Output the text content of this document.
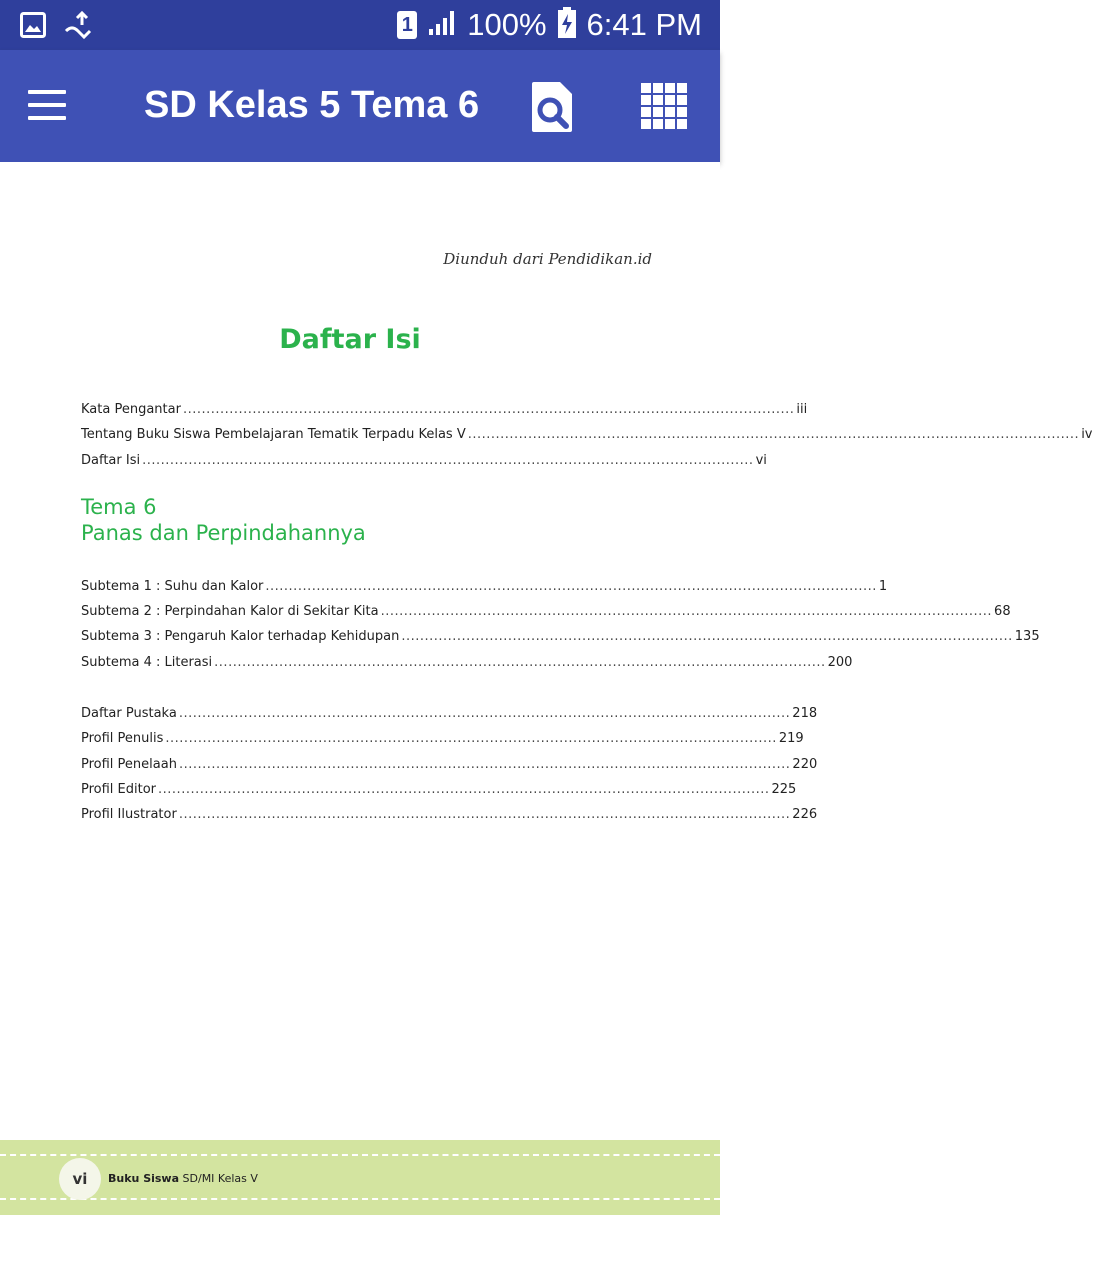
1 100% 6:41 PM
SD Kelas 5 Tema 6
Diunduh dari Pendidikan.id
Daftar Isi
Kata Pengantar .................................................................................................................................... iii
Tentang Buku Siswa Pembelajaran Tematik Terpadu Kelas V .................................................................................................................................... iv
Daftar Isi .................................................................................................................................... vi
Tema 6
Panas dan Perpindahannya
Subtema 1 : Suhu dan Kalor .................................................................................................................................... 1
Subtema 2 : Perpindahan Kalor di Sekitar Kita .................................................................................................................................... 68
Subtema 3 : Pengaruh Kalor terhadap Kehidupan .................................................................................................................................... 135
Subtema 4 : Literasi .................................................................................................................................... 200
Daftar Pustaka .................................................................................................................................... 218
Profil Penulis .................................................................................................................................... 219
Profil Penelaah .................................................................................................................................... 220
Profil Editor .................................................................................................................................... 225
Profil Ilustrator .................................................................................................................................... 226
vi	Buku Siswa SD/MI Kelas V
